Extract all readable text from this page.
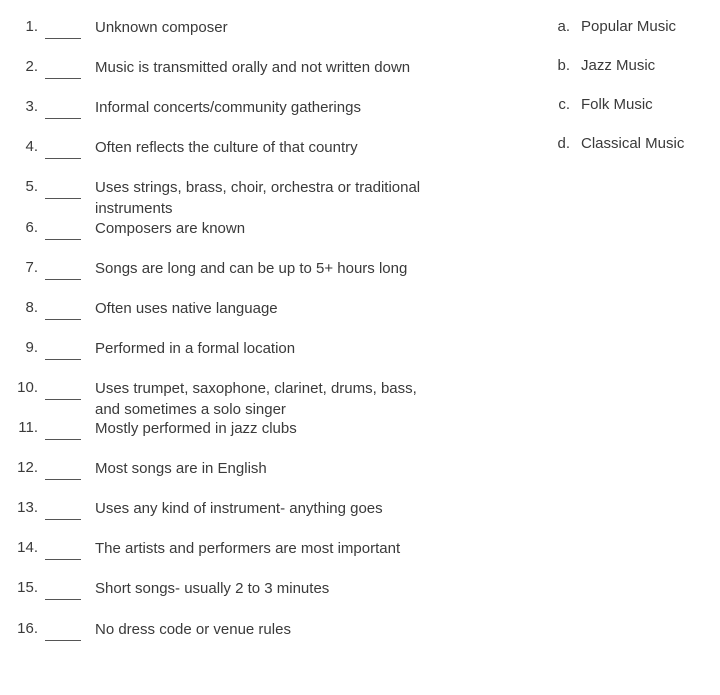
1.	Unknown composer
2.	Music is transmitted orally and not written down
3.	Informal concerts/community gatherings
4.	Often reflects the culture of that country
5.	Uses strings, brass, choir, orchestra or traditional instruments
6.	Composers are known
7.	Songs are long and can be up to 5+ hours long
8.	Often uses native language
9.	Performed in a formal location
10.	Uses trumpet, saxophone, clarinet, drums, bass, and sometimes a solo singer
11.	Mostly performed in jazz clubs
12.	Most songs are in English
13.	Uses any kind of instrument- anything goes
14.	The artists and performers are most important
15.	Short songs- usually 2 to 3 minutes
16.	No dress code or venue rules
a. Popular Music
b. Jazz Music
c. Folk Music
d. Classical Music
